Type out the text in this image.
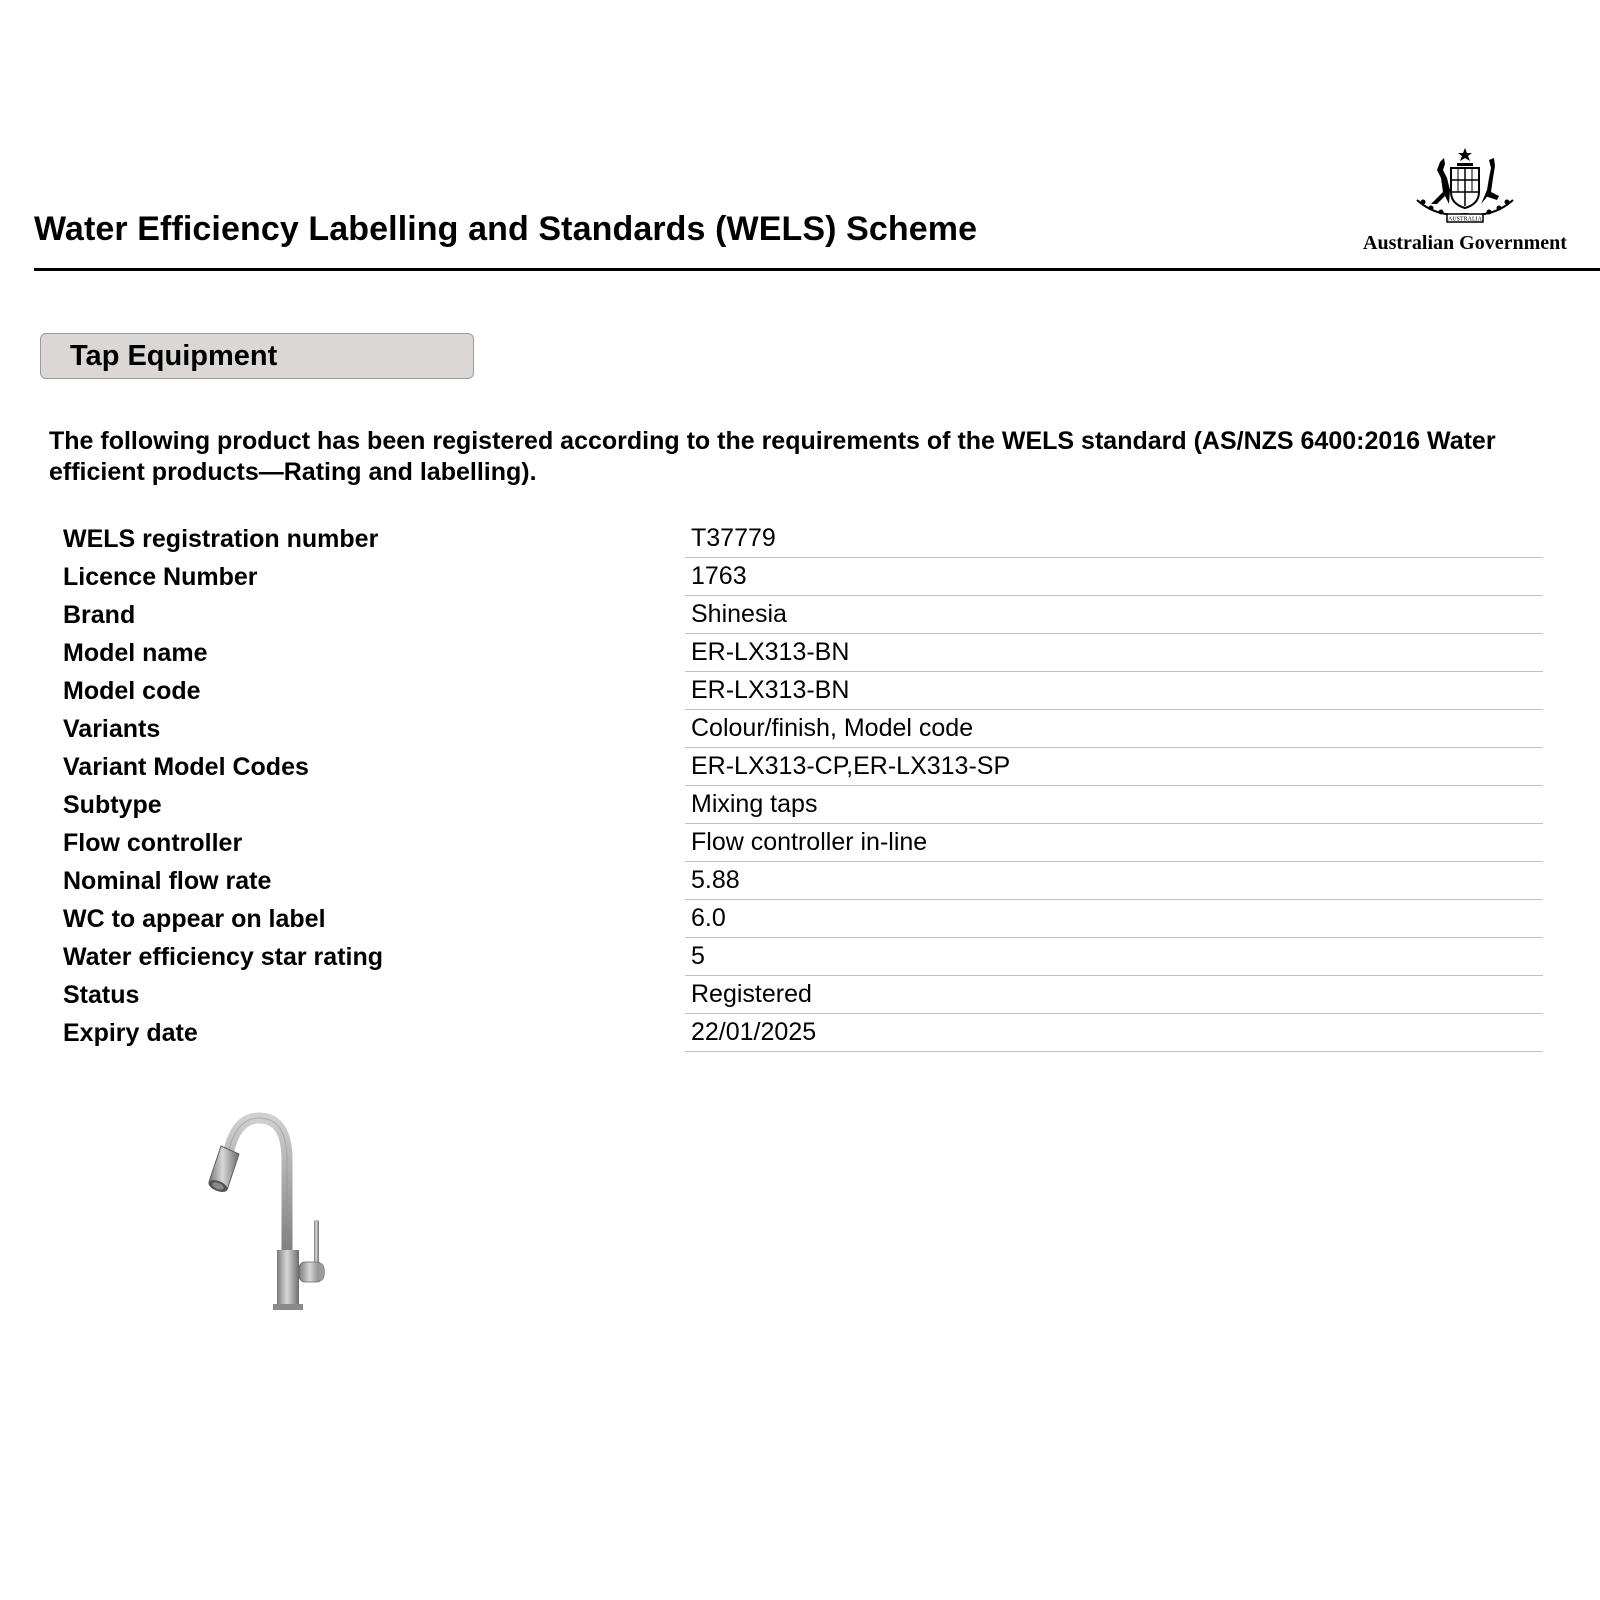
Water Efficiency Labelling and Standards (WELS) Scheme	AUSTRALIA
Australian Government
Tap Equipment
The following product has been registered according to the requirements of the WELS standard (AS/NZS 6400:2016 Water efficient products—Rating and labelling).
WELS registration number	T37779
Licence Number	1763
Brand	Shinesia
Model name	ER-LX313-BN
Model code	ER-LX313-BN
Variants	Colour/finish, Model code
Variant Model Codes	ER-LX313-CP,ER-LX313-SP
Subtype	Mixing taps
Flow controller	Flow controller in-line
Nominal flow rate	5.88
WC to appear on label	6.0
Water efficiency star rating	5
Status	Registered
Expiry date	22/01/2025
